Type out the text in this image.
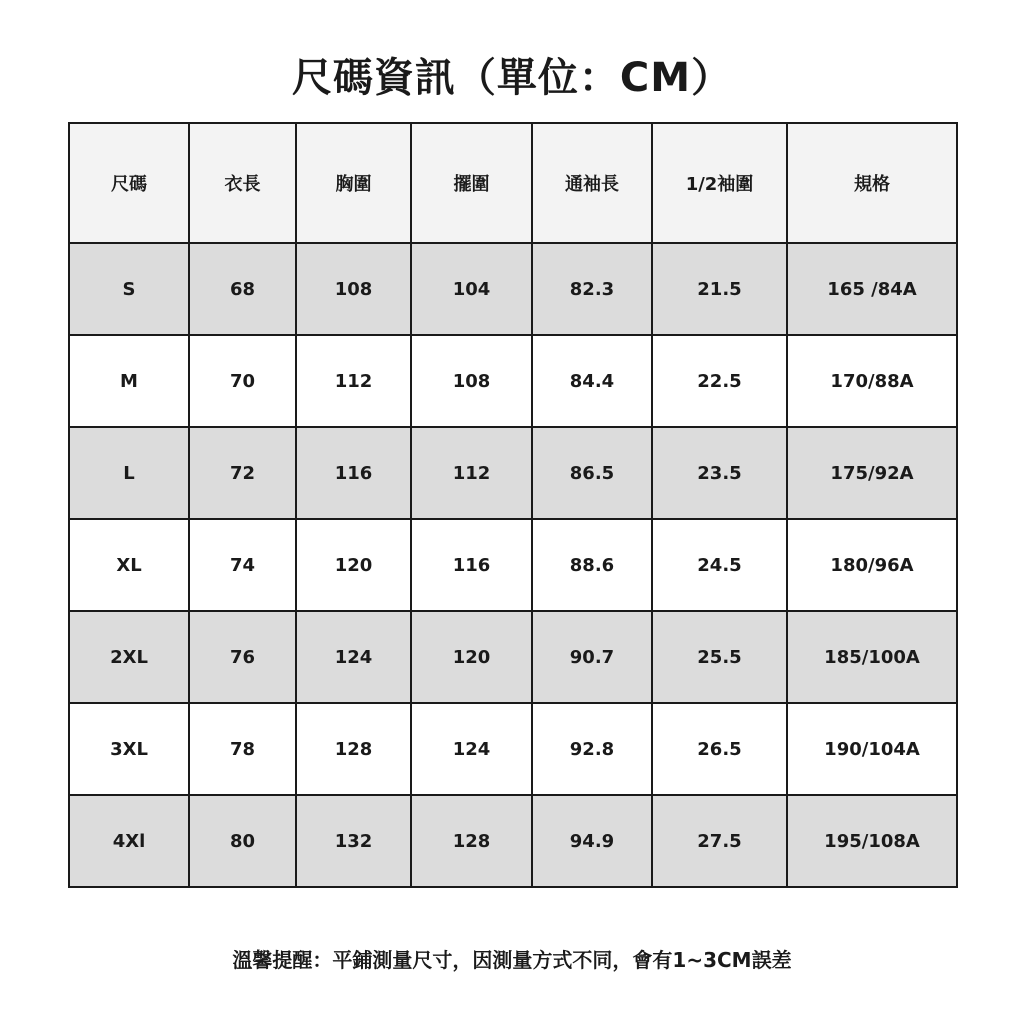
尺碼資訊（單位：CM）
尺碼	衣長	胸圍	擺圍	通袖長	1/2袖圍	規格
S	68	108	104	82.3	21.5	165 /84A
M	70	112	108	84.4	22.5	170/88A
L	72	116	112	86.5	23.5	175/92A
XL	74	120	116	88.6	24.5	180/96A
2XL	76	124	120	90.7	25.5	185/100A
3XL	78	128	124	92.8	26.5	190/104A
4Xl	80	132	128	94.9	27.5	195/108A
溫馨提醒：平鋪測量尺寸，因測量方式不同，會有1~3CM誤差
